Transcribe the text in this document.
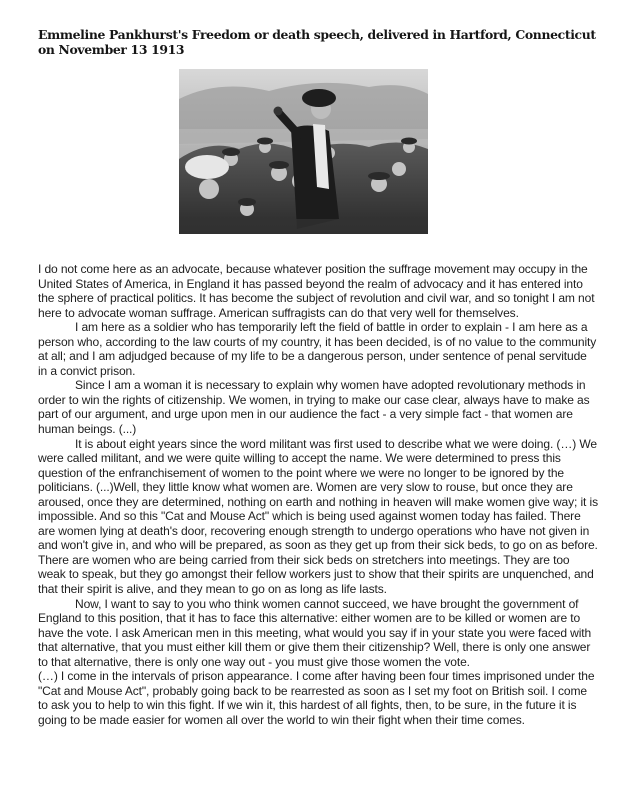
Emmeline Pankhurst's Freedom or death speech, delivered in Hartford, Connecticut on November 13 1913

I do not come here as an advocate, because whatever position the suffrage movement may occupy in the United States of America, in England it has passed beyond the realm of advocacy and it has entered into the sphere of practical politics. It has become the subject of revolution and civil war, and so tonight I am not here to advocate woman suffrage. American suffragists can do that very well for themselves.

I am here as a soldier who has temporarily left the field of battle in order to explain - I am here as a person who, according to the law courts of my country, it has been decided, is of no value to the community at all; and I am adjudged because of my life to be a dangerous person, under sentence of penal servitude in a convict prison.

Since I am a woman it is necessary to explain why women have adopted revolutionary methods in order to win the rights of citizenship. We women, in trying to make our case clear, always have to make as part of our argument, and urge upon men in our audience the fact - a very simple fact - that women are human beings. (...)

It is about eight years since the word militant was first used to describe what we were doing. (…) We were called militant, and we were quite willing to accept the name. We were determined to press this question of the enfranchisement of women to the point where we were no longer to be ignored by the politicians. (...)Well, they little know what women are. Women are very slow to rouse, but once they are aroused, once they are determined, nothing on earth and nothing in heaven will make women give way; it is impossible. And so this "Cat and Mouse Act" which is being used against women today has failed. There are women lying at death's door, recovering enough strength to undergo operations who have not given in and won't give in, and who will be prepared, as soon as they get up from their sick beds, to go on as before. There are women who are being carried from their sick beds on stretchers into meetings. They are too weak to speak, but they go amongst their fellow workers just to show that their spirits are unquenched, and that their spirit is alive, and they mean to go on as long as life lasts.

Now, I want to say to you who think women cannot succeed, we have brought the government of England to this position, that it has to face this alternative: either women are to be killed or women are to have the vote. I ask American men in this meeting, what would you say if in your state you were faced with that alternative, that you must either kill them or give them their citizenship? Well, there is only one answer to that alternative, there is only one way out - you must give those women the vote.

(…) I come in the intervals of prison appearance. I come after having been four times imprisoned under the "Cat and Mouse Act", probably going back to be rearrested as soon as I set my foot on British soil. I come to ask you to help to win this fight. If we win it, this hardest of all fights, then, to be sure, in the future it is going to be made easier for women all over the world to win their fight when their time comes.
